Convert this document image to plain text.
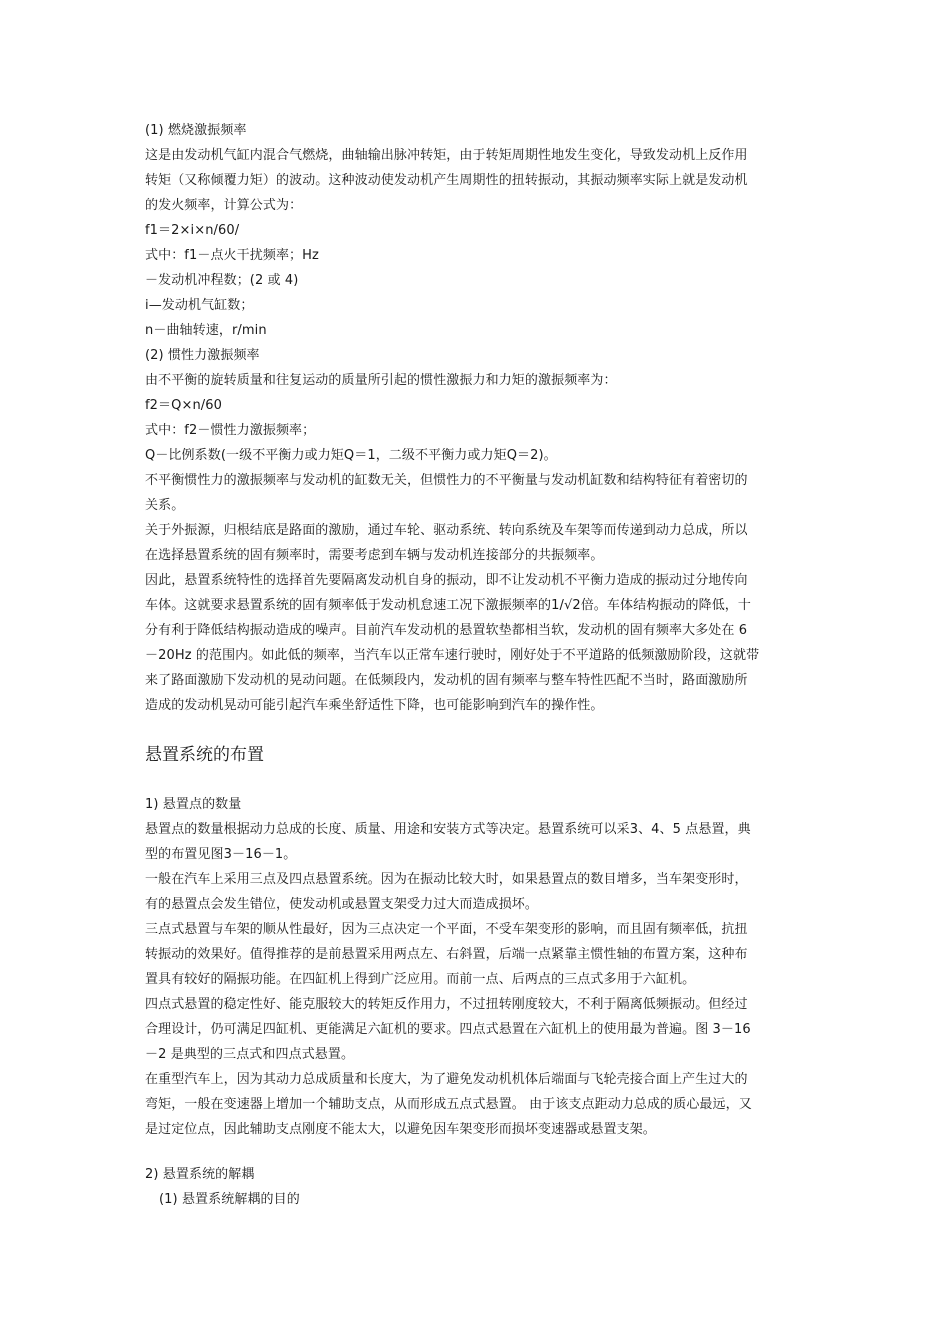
(1) 燃烧激振频率
这是由发动机气缸内混合气燃烧，曲轴输出脉冲转矩，由于转矩周期性地发生变化，导致发动机上反作用
转矩（又称倾覆力矩）的波动。这种波动使发动机产生周期性的扭转振动，其振动频率实际上就是发动机
的发火频率，计算公式为：
f1＝2×i×n/60/
式中：f1－点火干扰频率；Hz
－发动机冲程数；(2 或 4)
i—发动机气缸数；
n－曲轴转速，r/min
(2) 惯性力激振频率
由不平衡的旋转质量和往复运动的质量所引起的惯性激振力和力矩的激振频率为：
f2＝Q×n/60
式中：f2－惯性力激振频率；
Q－比例系数(一级不平衡力或力矩Q＝1，二级不平衡力或力矩Q＝2)。
不平衡惯性力的激振频率与发动机的缸数无关，但惯性力的不平衡量与发动机缸数和结构特征有着密切的
关系。
关于外振源，归根结底是路面的激励，通过车轮、驱动系统、转向系统及车架等而传递到动力总成，所以
在选择悬置系统的固有频率时，需要考虑到车辆与发动机连接部分的共振频率。
因此，悬置系统特性的选择首先要隔离发动机自身的振动，即不让发动机不平衡力造成的振动过分地传向
车体。这就要求悬置系统的固有频率低于发动机怠速工况下激振频率的1/√2倍。车体结构振动的降低，十
分有利于降低结构振动造成的噪声。目前汽车发动机的悬置软垫都相当软，发动机的固有频率大多处在 6
－20Hz 的范围内。如此低的频率，当汽车以正常车速行驶时，刚好处于不平道路的低频激励阶段，这就带
来了路面激励下发动机的晃动问题。在低频段内，发动机的固有频率与整车特性匹配不当时，路面激励所
造成的发动机晃动可能引起汽车乘坐舒适性下降，也可能影响到汽车的操作性。
悬置系统的布置
1) 悬置点的数量
悬置点的数量根据动力总成的长度、质量、用途和安装方式等决定。悬置系统可以采3、4、5 点悬置，典
型的布置见图3－16－1。
一般在汽车上采用三点及四点悬置系统。因为在振动比较大时，如果悬置点的数目增多，当车架变形时，
有的悬置点会发生错位，使发动机或悬置支架受力过大而造成损坏。
三点式悬置与车架的顺从性最好，因为三点决定一个平面，不受车架变形的影响，而且固有频率低，抗扭
转振动的效果好。值得推荐的是前悬置采用两点左、右斜置，后端一点紧靠主惯性轴的布置方案，这种布
置具有较好的隔振功能。在四缸机上得到广泛应用。而前一点、后两点的三点式多用于六缸机。
四点式悬置的稳定性好、能克服较大的转矩反作用力，不过扭转刚度较大，不利于隔离低频振动。但经过
合理设计，仍可满足四缸机、更能满足六缸机的要求。四点式悬置在六缸机上的使用最为普遍。图 3－16
－2 是典型的三点式和四点式悬置。
在重型汽车上，因为其动力总成质量和长度大，为了避免发动机机体后端面与飞轮壳接合面上产生过大的
弯矩，一般在变速器上增加一个辅助支点，从而形成五点式悬置。 由于该支点距动力总成的质心最远，又
是过定位点，因此辅助支点刚度不能太大，以避免因车架变形而损坏变速器或悬置支架。
2) 悬置系统的解耦
(1) 悬置系统解耦的目的
